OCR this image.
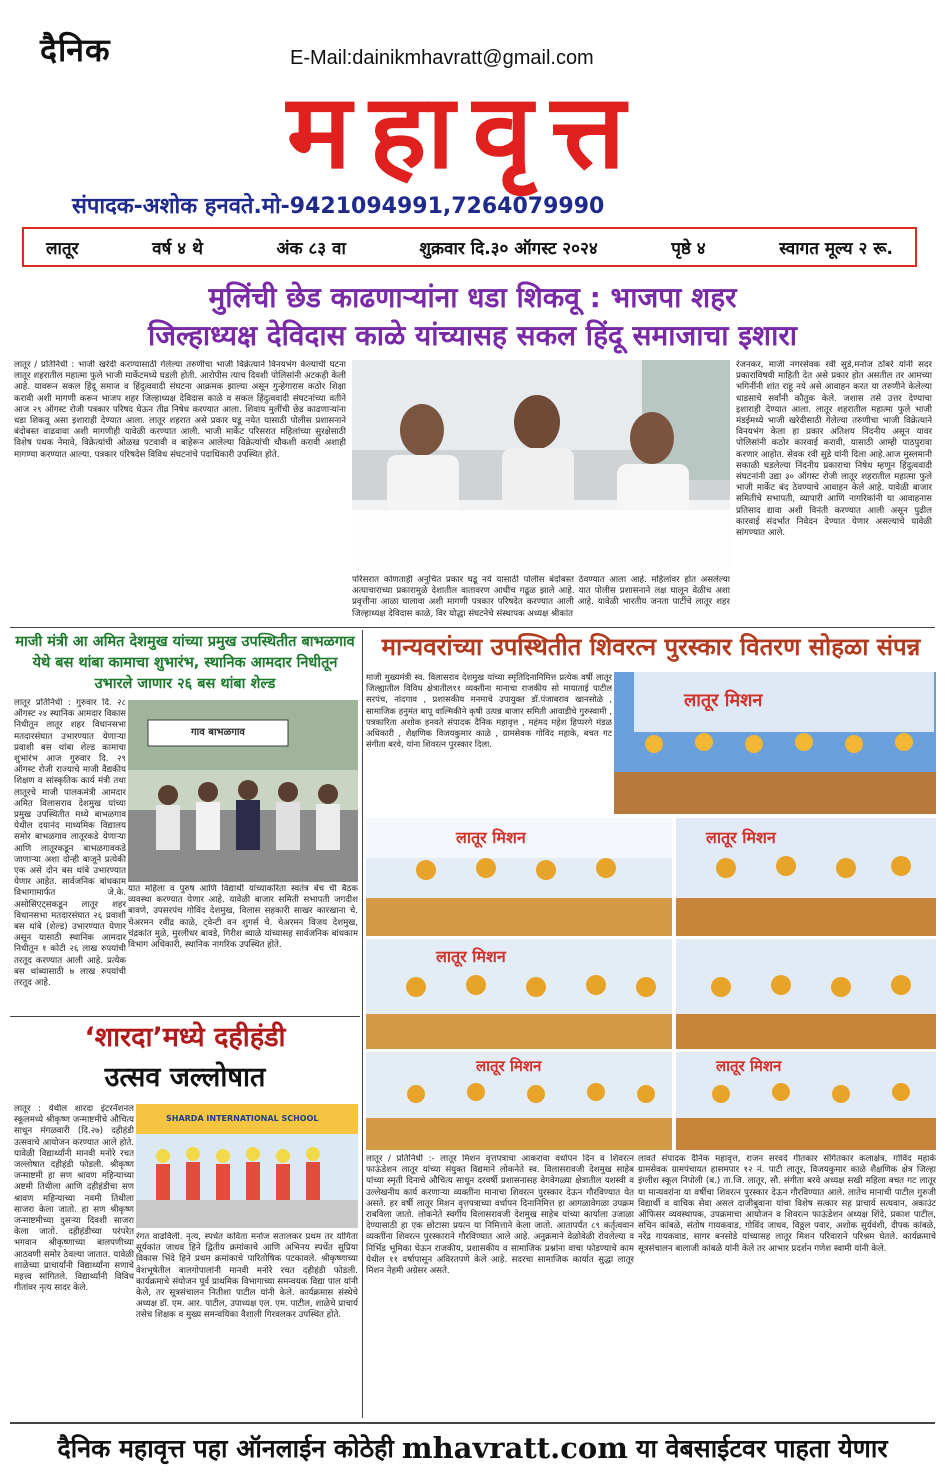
दैनिक	E-Mail:dainikmhavratt@gmail.com
महावृत्त
संपादक-अशोक हनवते.मो-9421094991,7264079990
लातूर	वर्ष ४ थे	अंक ८३ वा	शुक्रवार दि.३० ऑगस्ट २०२४	पृष्ठे ४	स्वागत मूल्य २ रू.
मुलिंची छेड काढणाऱ्यांना धडा शिकवू : भाजपा शहर
जिल्हाध्यक्ष देविदास काळे यांच्यासह सकल हिंदू समाजाचा इशारा
लातूर / प्रतिनिधी : भाजी खरेदी करण्यासाठी गेलेल्या तरुणीचा भाजी विक्रेत्याने विनयभंग केल्याची घटना लातूर शहरातील महात्मा फुले भाजी मार्केटमध्ये घडली होती. आरोपीस त्याच दिवशी पोलिसांनी अटकही केली आहे. यावरून सकल हिंदू समाज व हिंदुत्ववादी संघटना आक्रमक झाल्या असून गुन्हेगारास कठोर शिक्षा करावी अशी मागणी करून भाजप शहर जिल्हाध्यक्ष देविदास काळे व सकल हिंदुत्ववादी संघटनांच्या वतीने आज २९ ऑगस्ट रोजी पत्रकार परिषद घेऊन तीव्र निषेध करण्यात आला. शिवाय मुलींची छेड काढणाऱ्यांना धडा शिकवू असा इशाराही देण्यात आला. लातूर शहरात असे प्रकार घडू नयेत यासाठी पोलीस प्रशासनाने बंदोबस्त वाढवावा अशी मागणीही यावेळी करण्यात आली. भाजी मार्केट परिसरात महिलांच्या सुरक्षेसाठी विशेष पथक नेमावे, विक्रेत्यांची ओळख पटवावी व बाहेरून आलेल्या विक्रेत्यांची चौकशी करावी अशाही मागण्या करण्यात आल्या. पत्रकार परिषदेस विविध संघटनांचे पदाधिकारी उपस्थित होते.
परिसरात कोणताही अनुचित प्रकार घडू नये यासाठी पोलीस बंदोबस्त ठेवण्यात आला आहे. महिलांवर होत असलेल्या अत्याचाराच्या प्रकारामुळे देशातील वातावरण आधीच गढूळ झाले आहे. यात पोलीस प्रशासनाने लक्ष घालून वेळीच अशा प्रवृत्तीना आळा घालावा अशी मागणी पत्रकार परिषदेत करण्यात आली आहे. यावेळी भारतीय जनता पार्टीचे लातूर शहर जिल्हाध्यक्ष देविदास काळे, विर योद्धा संघटनेचे संस्थापक अध्यक्ष श्रीकांत
रंजनकर, माजी नगरसेवक रवी सुडे,मनोज ठोंबरे यांनी सदर प्रकाराविषयी माहिती देत असे प्रकार होत असतील तर आमच्या भगिनींनी शांत राहू नये असे आवाहन करत या तरुणीने केलेल्या धाडसाचे सर्वांनी कौतुक केले. जशास तसे उत्तर देण्याचा इशाराही देण्यात आला. लातूर शहरातील महात्मा फुले भाजी मंडईमध्ये भाजी खरेदीसाठी गेलेल्या तरुणीचा भाजी विक्रेत्याने विनयभंग केला हा प्रकार अतिशय निंदनीय असून यावर पोलिसांनी कठोर कारवाई करावी, यासाठी आम्ही पाठपुरावा करणार आहोत. सेवक रवी सुडे यांनी दिला आहे.आज मुस्लमानी सकाळी घडलेल्या निंदनीय प्रकाराचा निषेध म्हणून हिंदुत्ववादी संघटनांनी उद्या ३० ऑगस्ट रोजी लातूर शहरातील महात्मा फुले भाजी मार्केट बंद ठेवण्याचे आवाहन केले आहे. यावेळी बाजार समितीचे सभापती, व्यापारी आणि नागरिकांनी या आवाहनास प्रतिसाद द्यावा अशी विनंती करण्यात आली असून पुढील कारवाई संदर्भात निवेदन देण्यात येणार असल्याचे यावेळी सांगण्यात आले.
माजी मंत्री आ अमित देशमुख यांच्या प्रमुख उपस्थितीत बाभळगाव येथे बस थांबा कामाचा शुभारंभ, स्थानिक आमदार निधीतून उभारले जाणार २६ बस थांबा शेल्ड
लातूर प्रतिनिधी : गुरुवार दि. २८ ऑगस्ट २४ स्थानिक आमदार विकास निधीतून लातूर शहर विधानसभा मतदारसंघात उभारण्यात येणाऱ्या प्रवाशी बस थांबा शेल्ड कामाचा शुभारंभ आज गुरुवार दि. २९ ऑगस्ट रोजी राज्याचे माजी वैद्यकीय शिक्षण व सांस्कृतिक कार्य मंत्री तथा लातूरचे माजी पालकमंत्री आमदार अमित विलासराव देशमुख यांच्या प्रमुख उपस्थितीत मध्ये बाभळगाव येथील दयानंद माध्यमिक विद्यालय समोर बाभळगाव लातूरकडे येणाऱ्या आणि लातूरकडून बाभळगावकडे जाणाऱ्या अशा दोन्ही बाजूने प्रत्येकी एक असे दोन बस थांबे उभारण्यात येणार आहेत. सार्वजनिक बांधकाम विभागामार्फत जे.के. असोसिएट्सकडून लातूर शहर विधानसभा मतदारसंघात २६ प्रवाशी बस थांबे (शेल्ड) उभारण्यात येणार असून यासाठी स्थानिक आमदार निधीतून १ कोटी २६ लाख रुपयांची तरतूद करण्यात आली आहे. प्रत्येक बस थांब्यासाठी ७ लाख रुपयांची तरतूद आहे.
गाव बाभळगाव
यात महिला व पुरुष आणि विद्यार्थी यांच्याकरिता स्वतंत्र बेंच ची बैठक व्यवस्था करण्यात येणार आहे. यावेळी बाजार समिती सभापती जगदीश बावणे, उपसरपंच गोविंद देशमुख, विलास सहकारी साखर कारखाना चे. चेअरमन रवींद्र काळे, ट्वेन्टी वन शुगर्स चे. चेअरमन विजय देशमुख, चंद्रकांत मुळे, मुरलीधर बावडे, गिरीश ब्याळे यांच्यासह सार्वजनिक बांधकाम विभाग अधिकारी, स्थानिक नागरिक उपस्थित होते.
मान्यवरांच्या उपस्थितीत शिवरत्न पुरस्कार वितरण सोहळा संपन्न
माजी मुख्यमंत्री स्व. विलासराव देशमुख यांच्या स्मृतिदिनानिमित्त प्रत्येक वर्षी लातूर जिल्ह्यातील विविध क्षेत्रातील११ व्यक्तीना मानाचा राजकीय सो मायाताई पाटील सरपंच, नांदगाव , प्रशासकीय मनमाचे उपायुक्त डॉ.पंजाबराव खानसोळे , सामाजिक हनुमंत बापू वाल्मिकीने कृषी उत्पन्न बाजार समिती आवाडीचे गुरुस्वामी , पत्रकारिता अशोक हनवते संपादक दैनिक महावृत्त , महंमद महेश हिप्परगे मंडळ अधिकारी , शैक्षणिक विजयकुमार काळे , ग्रामसेवक गोविंद महाके, बचत गट संगीता बरवे, यांना शिवरत्न पुरस्कार दिला.
लातूर मिशन
लातूर मिशन	लातूर मिशन
लातूर मिशन
लातूर मिशन	लातूर मिशन
लातूर / प्रतिनिधी :- लातूर मिशन वृत्तपत्राचा आकरावा वर्धापन दिन व शिवरत्न फाऊंडेशन लातूर यांच्या संयुक्त विद्यमाने लोकनेते स्व. विलासरावजी देशमुख साहेब यांच्या स्मृती दिनाचे औचित्य साधून दरवर्षी प्रशासनासह वेगवेगळ्या क्षेत्रातील यशस्वी व उल्लेखनीय कार्य करणाऱ्या व्यक्तींना मानाचा शिवरत्न पुरस्कार देऊन गौरविण्यात येत असते. हर वर्षी लातूर मिशन वृत्तपत्राच्या वर्धापन दिनानिमित्त हा आगळावेगळा उपक्रम राबविला जातो. लोकनेते स्वर्गीय विलासरावजी देशमुख साहेब यांच्या कार्याला उजाळा देण्यासाठी हा एक छोटासा प्रयत्न या निमित्ताने केला जातो. आतापर्यंत ८९ कर्तृत्ववान व्यक्तींना शिवरत्न पुरस्काराने गौरविण्यात आले आहे. अनुक्रमाने वेळोवेळी रोवलेल्या व निर्भिड भूमिका घेऊन राजकीय, प्रशासकीय व सामाजिक प्रश्नांना वाचा फोडण्याचे काम येथील ११ वर्षापासून अविरतपणे केले आहे. सदरचा सामाजिक कार्यात सुद्धा लातूर मिशन नेहमी अग्रेसर असते.
लावते संपादक दैनिक महावृत्त, राजन सरवदे गीतकार संगितकार कलाक्षेत्र, गोविंद महाके ग्रामसेवक ग्रामपंचायत हासमपार १२ नं. पाटी लातूर, विजयकुमार काळे शैक्षणिक क्षेत्र जिल्हा इंग्लीश स्कूल निपोली (ब.) ता.जि. लातूर, सौ. संगीता बरवे अध्यक्ष सखी महिला बचत गट लातूर या मान्यवरांना या वर्षीचा शिवरत्न पुरस्कार देऊन गौरविण्यात आले. लातेच मानाची पाटील गुरुजी विद्यार्थी व वाचिक सेवा असल दाजीबुवाना यांचा विशेष सत्कार सह प्राचार्य सत्यवान, अकाउंट ऑफिसर व्यवस्थापक, उपक्रमाचा आयोजन व शिवरत्न फाऊंडेशन अध्यक्ष शिंदे, प्रकाश पाटील, सचिन कांबळे, संतोष गायकवाड, गोविंद जाधव, विठ्ठल पवार, अशोक सुर्यवंशी, दीपक कांबळे, नरेंद्र गायकवाड, सागर बनसोडे यांच्यासह लातूर मिशन परिवाराने परिश्रम घेतले. कार्यक्रमाचे सूत्रसंचालन बालाजी कांबळे यांनी केले तर आभार प्रदर्शन गणेश स्वामी यांनी केले.
‘शारदा’मध्ये दहीहंडी
उत्सव जल्लोषात
लातूर : येथील शारदा इंटरनॅशनल स्कूलमध्ये श्रीकृष्ण जन्माष्टमीचे औचित्य साधून मंगळवारी (दि.२७) दहीहंडी उत्सवाचे आयोजन करण्यात आले होते. यावेळी विद्यार्थ्यांनी मानवी मनोरे रचत जल्लोषात दहीहंडी फोडली. श्रीकृष्ण जन्माष्टमी हा सण श्रावण महिन्याच्या अष्टमी तिथीला आणि दहीहंडीचा सण श्रावण महिन्याच्या नवमी तिथीला साजरा केला जातो. हा सण श्रीकृष्ण जन्माष्टमीच्या दुसऱ्या दिवशी साजरा केला जातो. दहीहंडीच्या परंपरेत भगवान श्रीकृष्णाच्या बालपणीच्या आठवणी समोर ठेवल्या जातात. यावेळी शाळेच्या प्राचार्यांनी विद्यार्थ्यांना सणाचे महत्त्व सांगितले. विद्यार्थ्यांनी विविध गीतांवर नृत्य सादर केले.
SHARDA INTERNATIONAL SCHOOL
रंगत वाढविली. नृत्य, स्पर्धेत कविता मनोज सतालकर प्रथम तर योगिता सूर्यकांत जाधव हिने द्वितीय क्रमांकाचे आणि अभिनय स्पर्धेत सुप्रिया विकास भिंदे हिने प्रथम क्रमांकाचे पारितोषिक पटकावले. श्रीकृष्णाच्या वेशभूषेतील बालगोपालांनी मानवी मनोरे रचत दहीहंडी फोडली. कार्यक्रमाचे संयोजन पूर्व प्राथमिक विभागाच्या समन्वयक विद्या पाल यांनी केले, तर सूत्रसंचालन नितीशा पाटील यांनी केले. कार्यक्रमास संस्थेचे अध्यक्ष डॉ. एम. आर. पाटील, उपाध्यक्ष एल. एम. पाटील, शाळेचे प्राचार्य तसेच शिक्षक व मुख्य समन्वयिका वैशाली गिरवलकर उपस्थित होते.
दैनिक महावृत्त पहा ऑनलाईन कोठेही mhavratt.com या वेबसाईटवर पाहता येणार
